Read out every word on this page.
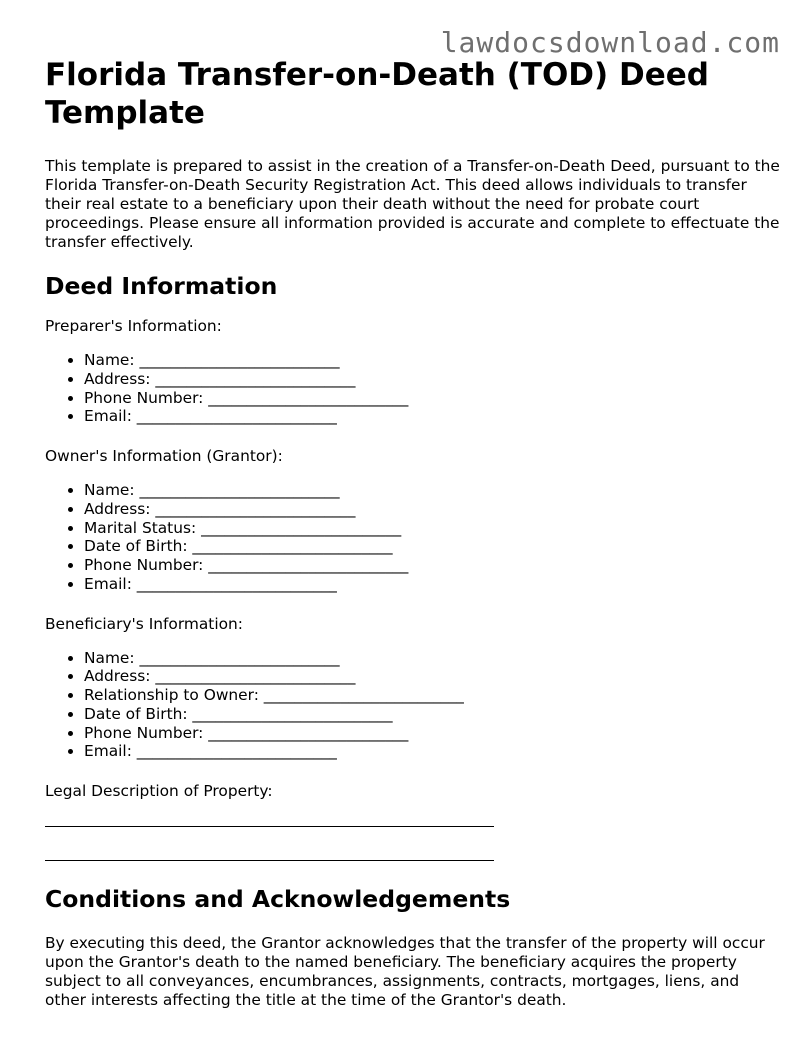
lawdocsdownload.com
Florida Transfer-on-Death (TOD) Deed Template

This template is prepared to assist in the creation of a Transfer-on-Death Deed, pursuant to the Florida Transfer-on-Death Security Registration Act. This deed allows individuals to transfer their real estate to a beneficiary upon their death without the need for probate court proceedings. Please ensure all information provided is accurate and complete to effectuate the transfer effectively.

Deed Information
Preparer's Information:
• Name: __________________________
• Address: __________________________
• Phone Number: __________________________
• Email: __________________________
Owner's Information (Grantor):
• Name: __________________________
• Address: __________________________
• Marital Status: __________________________
• Date of Birth: __________________________
• Phone Number: __________________________
• Email: __________________________
Beneficiary's Information:
• Name: __________________________
• Address: __________________________
• Relationship to Owner: __________________________
• Date of Birth: __________________________
• Phone Number: __________________________
• Email: __________________________
Legal Description of Property:
Conditions and Acknowledgements

By executing this deed, the Grantor acknowledges that the transfer of the property will occur upon the Grantor's death to the named beneficiary. The beneficiary acquires the property subject to all conveyances, encumbrances, assignments, contracts, mortgages, liens, and other interests affecting the title at the time of the Grantor's death.
